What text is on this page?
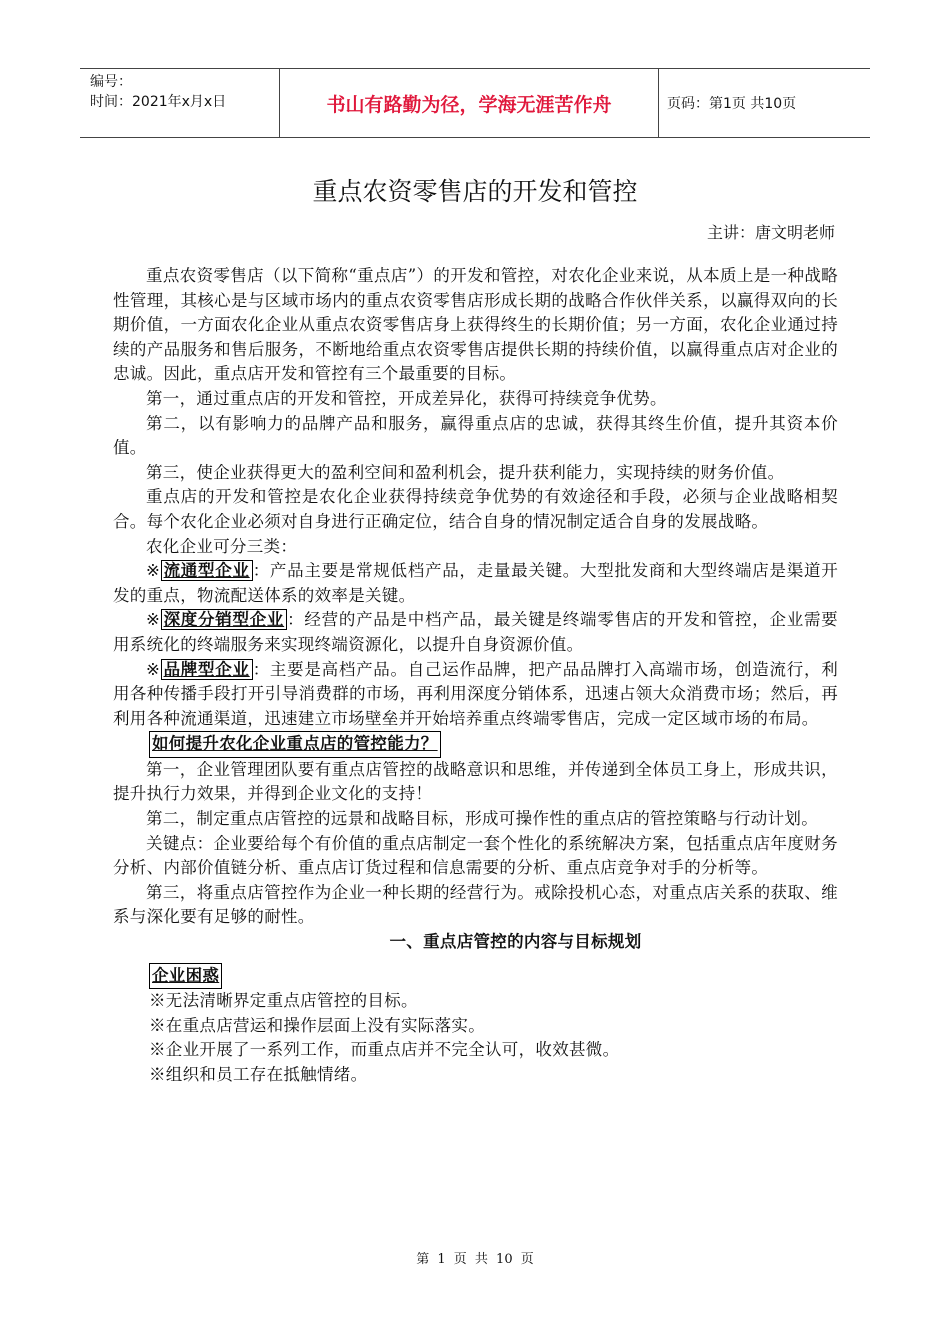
编号：
时间：2021年x月x日	书山有路勤为径，学海无涯苦作舟	页码：第1页 共10页
重点农资零售店的开发和管控
主讲：唐文明老师

重点农资零售店（以下简称“重点店”）的开发和管控，对农化企业来说，从本质上是一种战略性管理，其核心是与区域市场内的重点农资零售店形成长期的战略合作伙伴关系，以赢得双向的长期价值，一方面农化企业从重点农资零售店身上获得终生的长期价值；另一方面，农化企业通过持续的产品服务和售后服务，不断地给重点农资零售店提供长期的持续价值，以赢得重点店对企业的忠诚。因此，重点店开发和管控有三个最重要的目标。

第一，通过重点店的开发和管控，开成差异化，获得可持续竞争优势。

第二，以有影响力的品牌产品和服务，赢得重点店的忠诚，获得其终生价值，提升其资本价值。

第三，使企业获得更大的盈利空间和盈利机会，提升获利能力，实现持续的财务价值。

重点店的开发和管控是农化企业获得持续竞争优势的有效途径和手段，必须与企业战略相契合。每个农化企业必须对自身进行正确定位，结合自身的情况制定适合自身的发展战略。

农化企业可分三类：

※ 流通型企业 ：产品主要是常规低档产品，走量最关键。大型批发商和大型终端店是渠道开发的重点，物流配送体系的效率是关键。

※ 深度分销型企业 ：经营的产品是中档产品，最关键是终端零售店的开发和管控，企业需要用系统化的终端服务来实现终端资源化，以提升自身资源价值。

※ 品牌型企业 ：主要是高档产品。自己运作品牌，把产品品牌打入高端市场，创造流行，利用各种传播手段打开引导消费群的市场，再利用深度分销体系，迅速占领大众消费市场；然后，再利用各种流通渠道，迅速建立市场壁垒并开始培养重点终端零售店，完成一定区域市场的布局。

如何提升农化企业重点店的管控能力？

第一，企业管理团队要有重点店管控的战略意识和思维，并传递到全体员工身上，形成共识，提升执行力效果，并得到企业文化的支持！

第二，制定重点店管控的远景和战略目标，形成可操作性的重点店的管控策略与行动计划。

关键点：企业要给每个有价值的重点店制定一套个性化的系统解决方案，包括重点店年度财务分析、内部价值链分析、重点店订货过程和信息需要的分析、重点店竞争对手的分析等。

第三，将重点店管控作为企业一种长期的经营行为。戒除投机心态，对重点店关系的获取、维系与深化要有足够的耐性。

一、重点店管控的内容与目标规划

企业困惑

※无法清晰界定重点店管控的目标。

※在重点店营运和操作层面上没有实际落实。

※企业开展了一系列工作，而重点店并不完全认可，收效甚微。

※组织和员工存在抵触情绪。

第 1 页 共 10 页
